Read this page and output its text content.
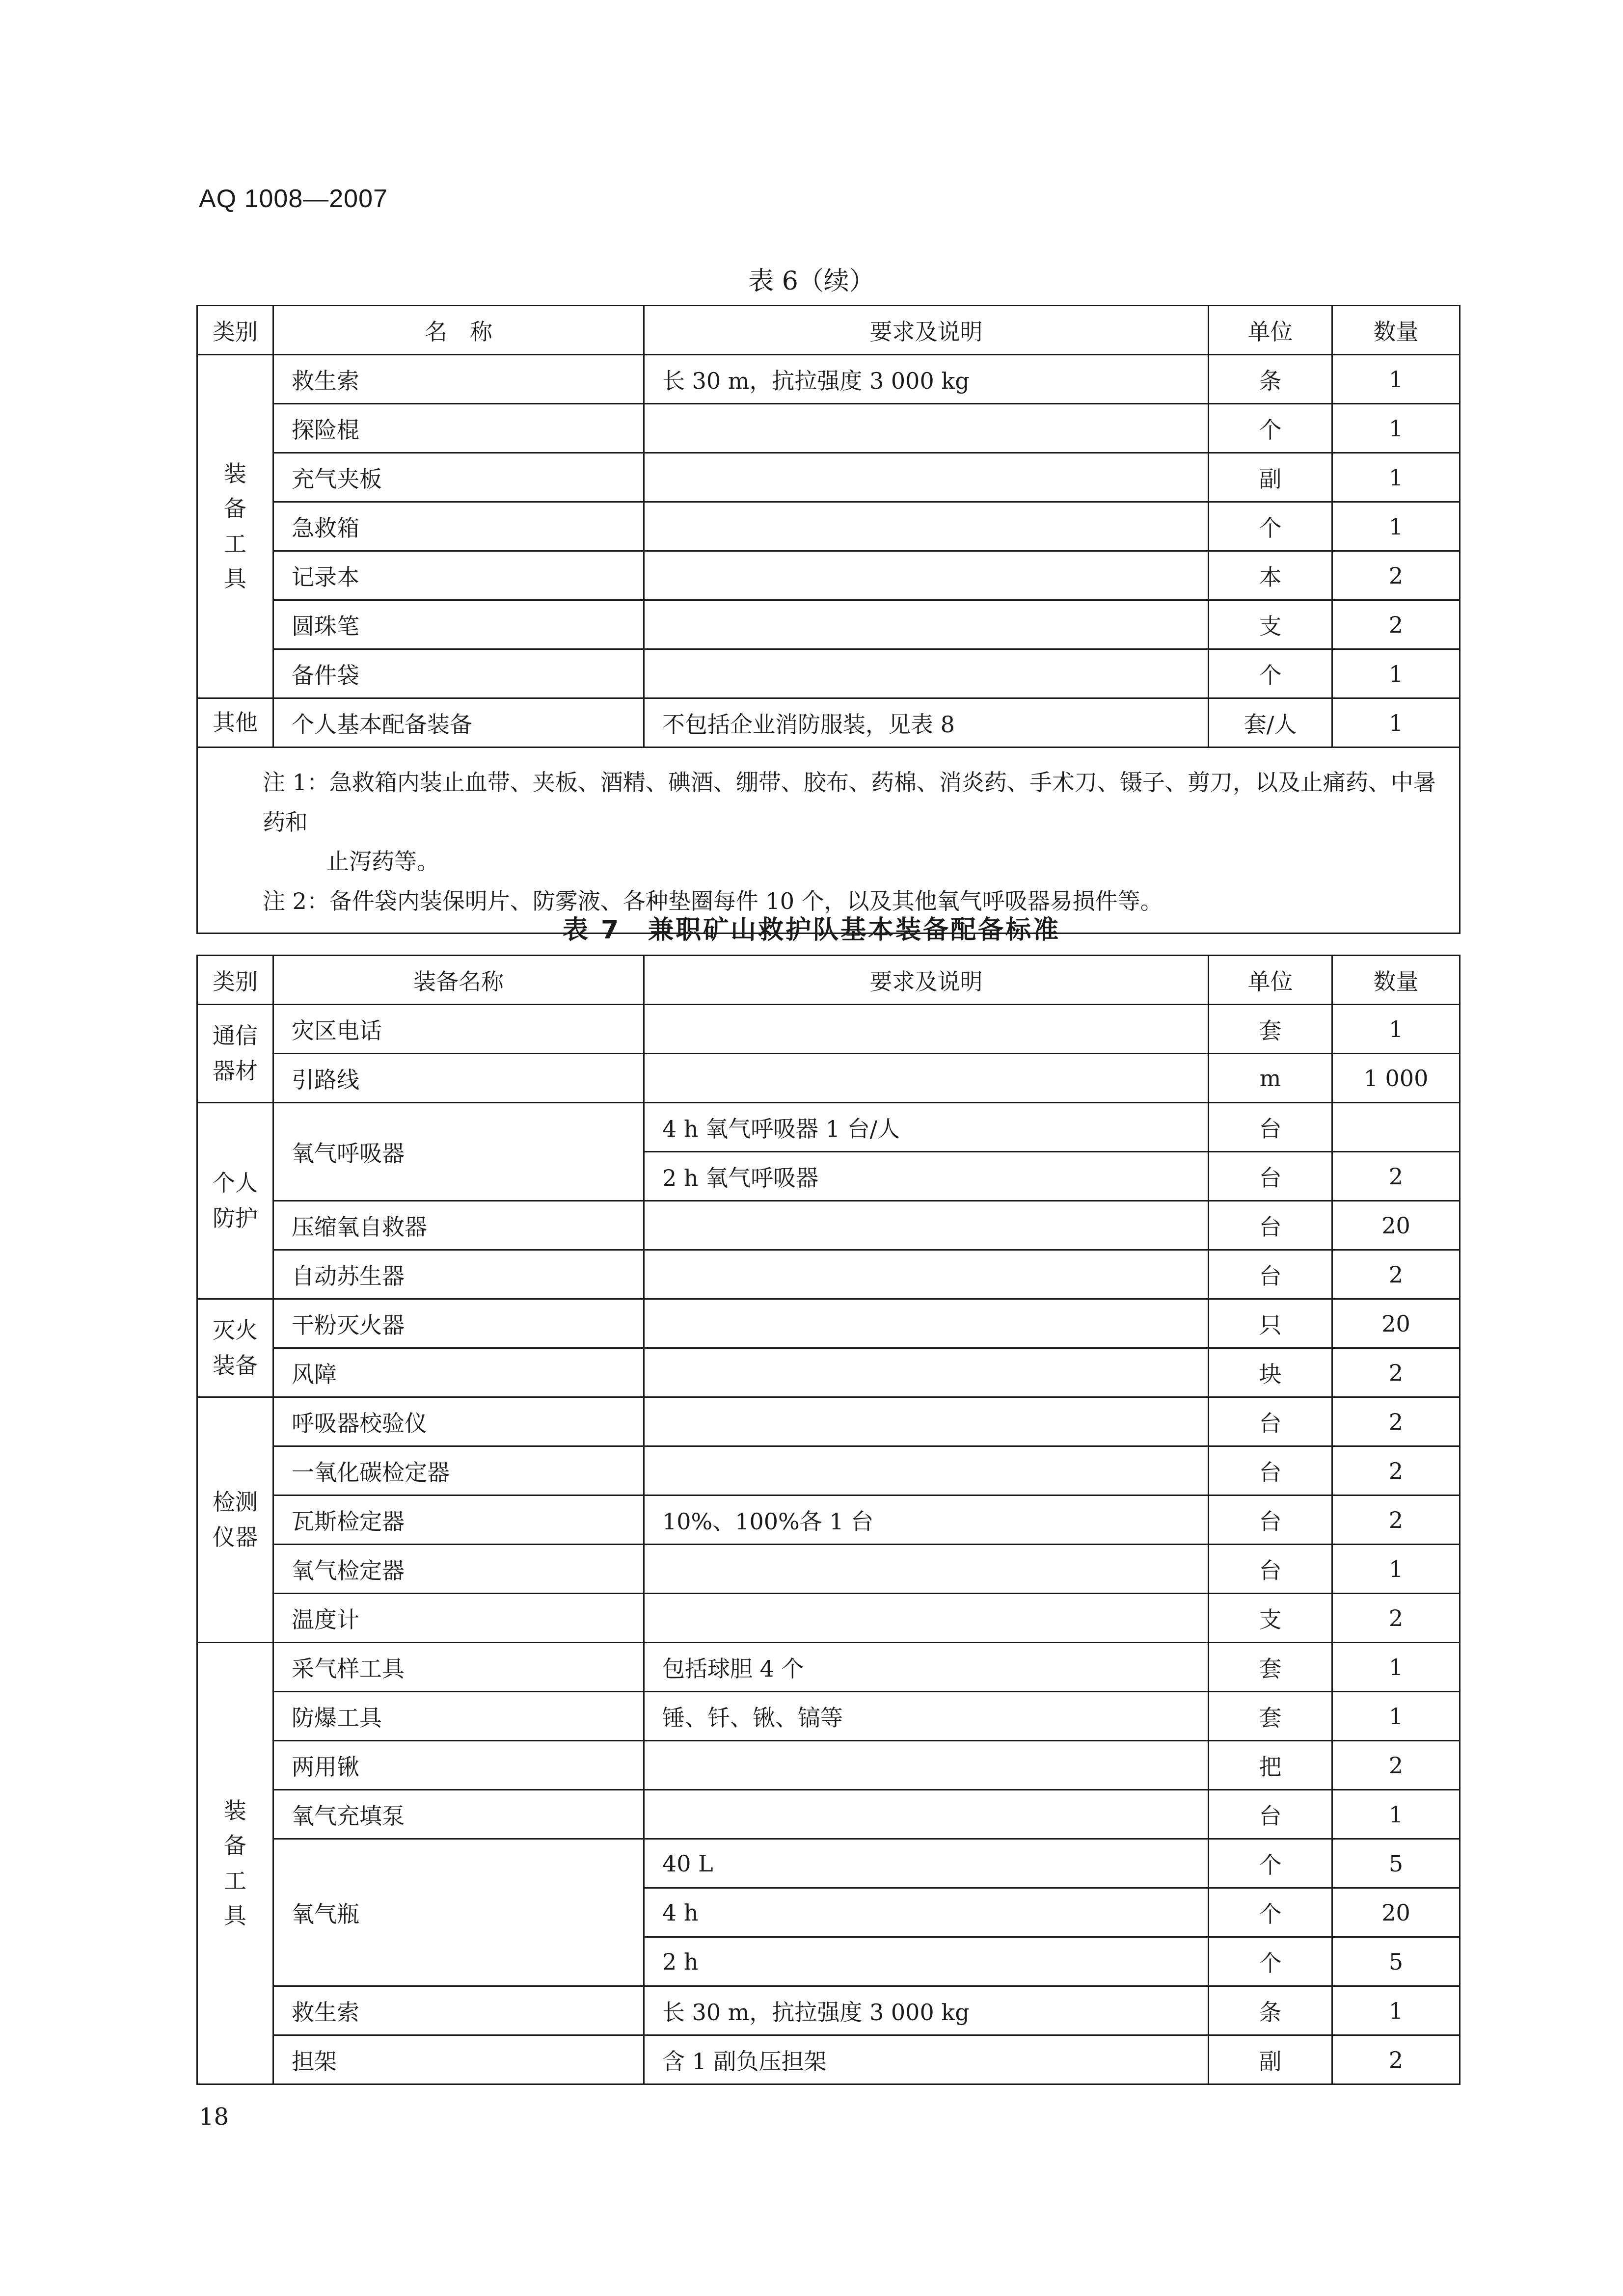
AQ 1008—2007
表 6（续）
类别	名　称	要求及说明	单位	数量
装
备
工
具	救生索	长 30 m，抗拉强度 3 000 kg	条	1
	探险棍		个	1
	充气夹板		副	1
	急救箱		个	1
	记录本		本	2
	圆珠笔		支	2
	备件袋		个	1
其他	个人基本配备装备	不包括企业消防服装，见表 8	套/人	1

注 1：急救箱内装止血带、夹板、酒精、碘酒、绷带、胶布、药棉、消炎药、手术刀、镊子、剪刀，以及止痛药、中暑药和
止泻药等。
注 2：备件袋内装保明片、防雾液、各种垫圈每件 10 个，以及其他氧气呼吸器易损件等。				
表 7　兼职矿山救护队基本装备配备标准
类别	装备名称	要求及说明	单位	数量
通信
器材	灾区电话		套	1
	引路线		m	1 000
个人
防护	氧气呼吸器	4 h 氧气呼吸器 1 台/人	台	
		2 h 氧气呼吸器	台	2
	压缩氧自救器		台	20
	自动苏生器		台	2
灭火
装备	干粉灭火器		只	20
	风障		块	2
检测
仪器	呼吸器校验仪		台	2
	一氧化碳检定器		台	2
	瓦斯检定器	10%、100%各 1 台	台	2
	氧气检定器		台	1
	温度计		支	2
装
备
工
具	采气样工具	包括球胆 4 个	套	1
	防爆工具	锤、钎、锹、镐等	套	1
	两用锹		把	2
	氧气充填泵		台	1
	氧气瓶	40 L	个	5
		4 h	个	20
		2 h	个	5
	救生索	长 30 m，抗拉强度 3 000 kg	条	1
	担架	含 1 副负压担架	副	2
18
